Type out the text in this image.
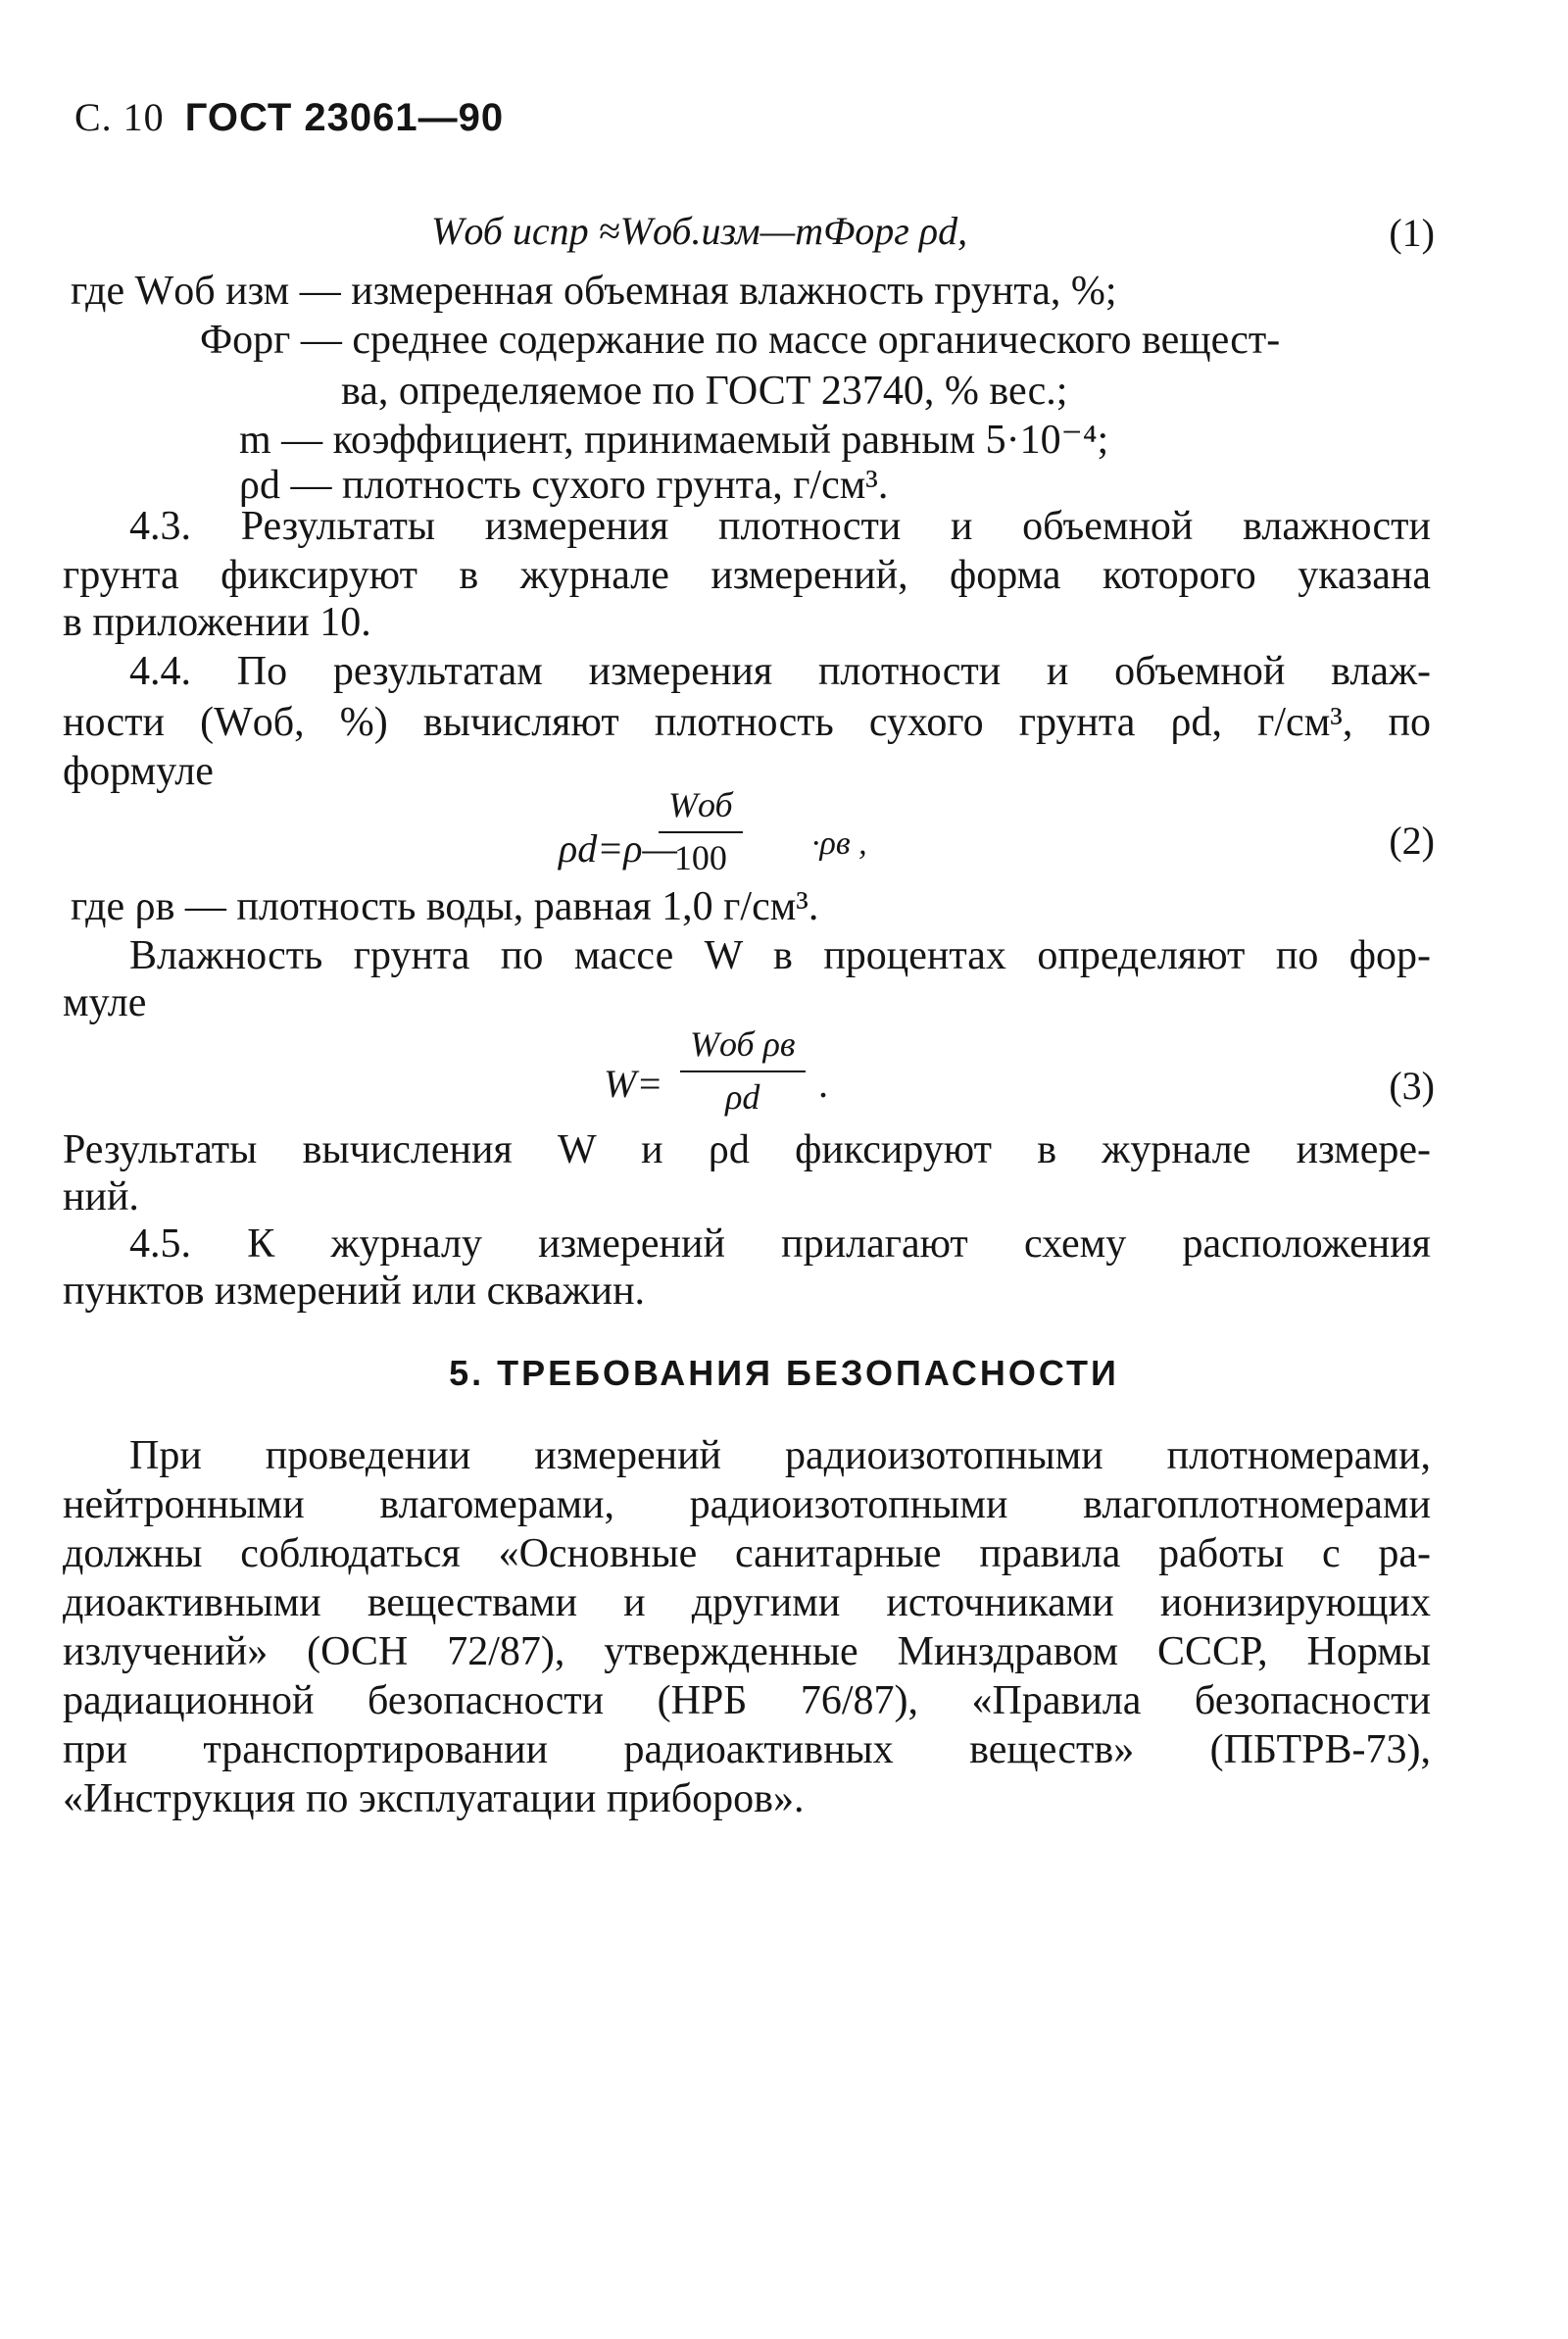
С. 10 ГОСТ 23061—90
Wоб испр ≈Wоб.изм—mФорг ρd,	(1)
где Wоб изм — измеренная объемная влажность грунта, %;
Форг — среднее содержание по массе органического вещест-
ва, определяемое по ГОСТ 23740, % вес.;
m — коэффициент, принимаемый равным 5·10⁻⁴;
ρd — плотность сухого грунта, г/см³.
4.3. Результаты измерения плотности и объемной влажности
грунта фиксируют в журнале измерений, форма которого указана
в приложении 10.
4.4. По результатам измерения плотности и объемной влаж-
ности (Wоб, %) вычисляют плотность сухого грунта ρd, г/см³, по
формуле
ρd=ρ—
Wоб
100	·ρв ,	(2)
где ρв — плотность воды, равная 1,0 г/см³.
Влажность грунта по массе W в процентах определяют по фор-
муле
W=
Wоб ρв
ρd	.	(3)
Результаты вычисления W и ρd фиксируют в журнале измере-
ний.
4.5. К журналу измерений прилагают схему расположения
пунктов измерений или скважин.
5. ТРЕБОВАНИЯ БЕЗОПАСНОСТИ
При проведении измерений радиоизотопными плотномерами,
нейтронными влагомерами, радиоизотопными влагоплотномерами
должны соблюдаться «Основные санитарные правила работы с ра-
диоактивными веществами и другими источниками ионизирующих
излучений» (ОСН 72/87), утвержденные Минздравом СССР, Нормы
радиационной безопасности (НРБ 76/87), «Правила безопасности
при транспортировании радиоактивных веществ» (ПБТРВ-73),
«Инструкция по эксплуатации приборов».
